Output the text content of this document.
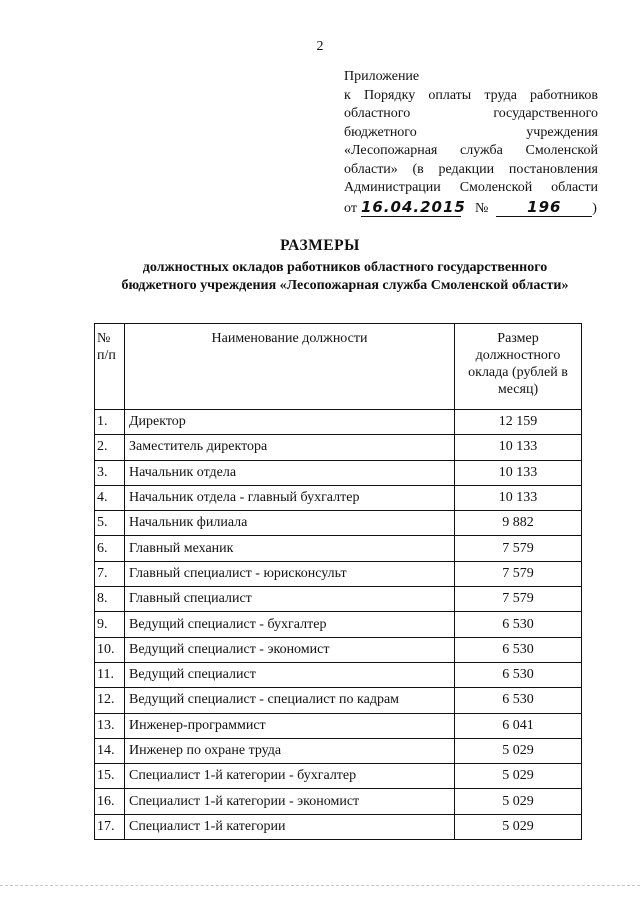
2
Приложение
к Порядку оплаты труда работников
областного государственного
бюджетного учреждения
«Лесопожарная служба Смоленской
области» (в редакции постановления
Администрации Смоленской области
от 16.04.2015 №	196	)
РАЗМЕРЫ
должностных окладов работников областного государственного бюджетного учреждения «Лесопожарная служба Смоленской области»
№ п/п	Наименование должности	Размер должностного оклада (рублей в месяц)
1.	Директор	12 159
2.	Заместитель директора	10 133
3.	Начальник отдела	10 133
4.	Начальник отдела - главный бухгалтер	10 133
5.	Начальник филиала	9 882
6.	Главный механик	7 579
7.	Главный специалист - юрисконсульт	7 579
8.	Главный специалист	7 579
9.	Ведущий специалист - бухгалтер	6 530
10.	Ведущий специалист - экономист	6 530
11.	Ведущий специалист	6 530
12.	Ведущий специалист - специалист по кадрам	6 530
13.	Инженер-программист	6 041
14.	Инженер по охране труда	5 029
15.	Специалист 1-й категории - бухгалтер	5 029
16.	Специалист 1-й категории - экономист	5 029
17.	Специалист 1-й категории	5 029
